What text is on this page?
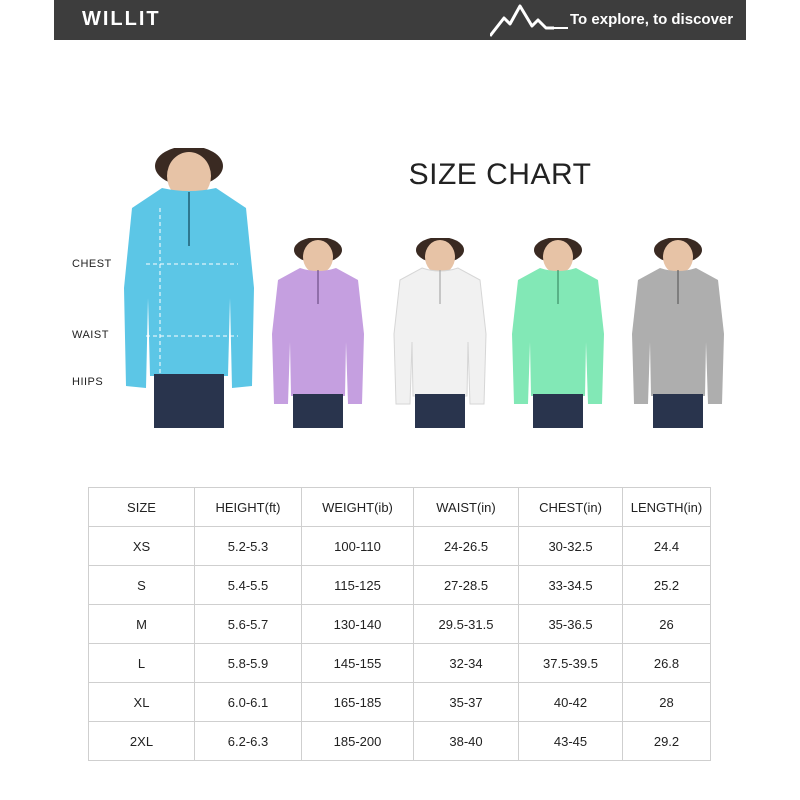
WILLIT	To explore, to discover
SIZE CHART
CHEST
WAIST
HIIPS
SIZE	HEIGHT(ft)	WEIGHT(ib)	WAIST(in)	CHEST(in)	LENGTH(in)
XS	5.2-5.3	100-110	24-26.5	30-32.5	24.4
S	5.4-5.5	115-125	27-28.5	33-34.5	25.2
M	5.6-5.7	130-140	29.5-31.5	35-36.5	26
L	5.8-5.9	145-155	32-34	37.5-39.5	26.8
XL	6.0-6.1	165-185	35-37	40-42	28
2XL	6.2-6.3	185-200	38-40	43-45	29.2
